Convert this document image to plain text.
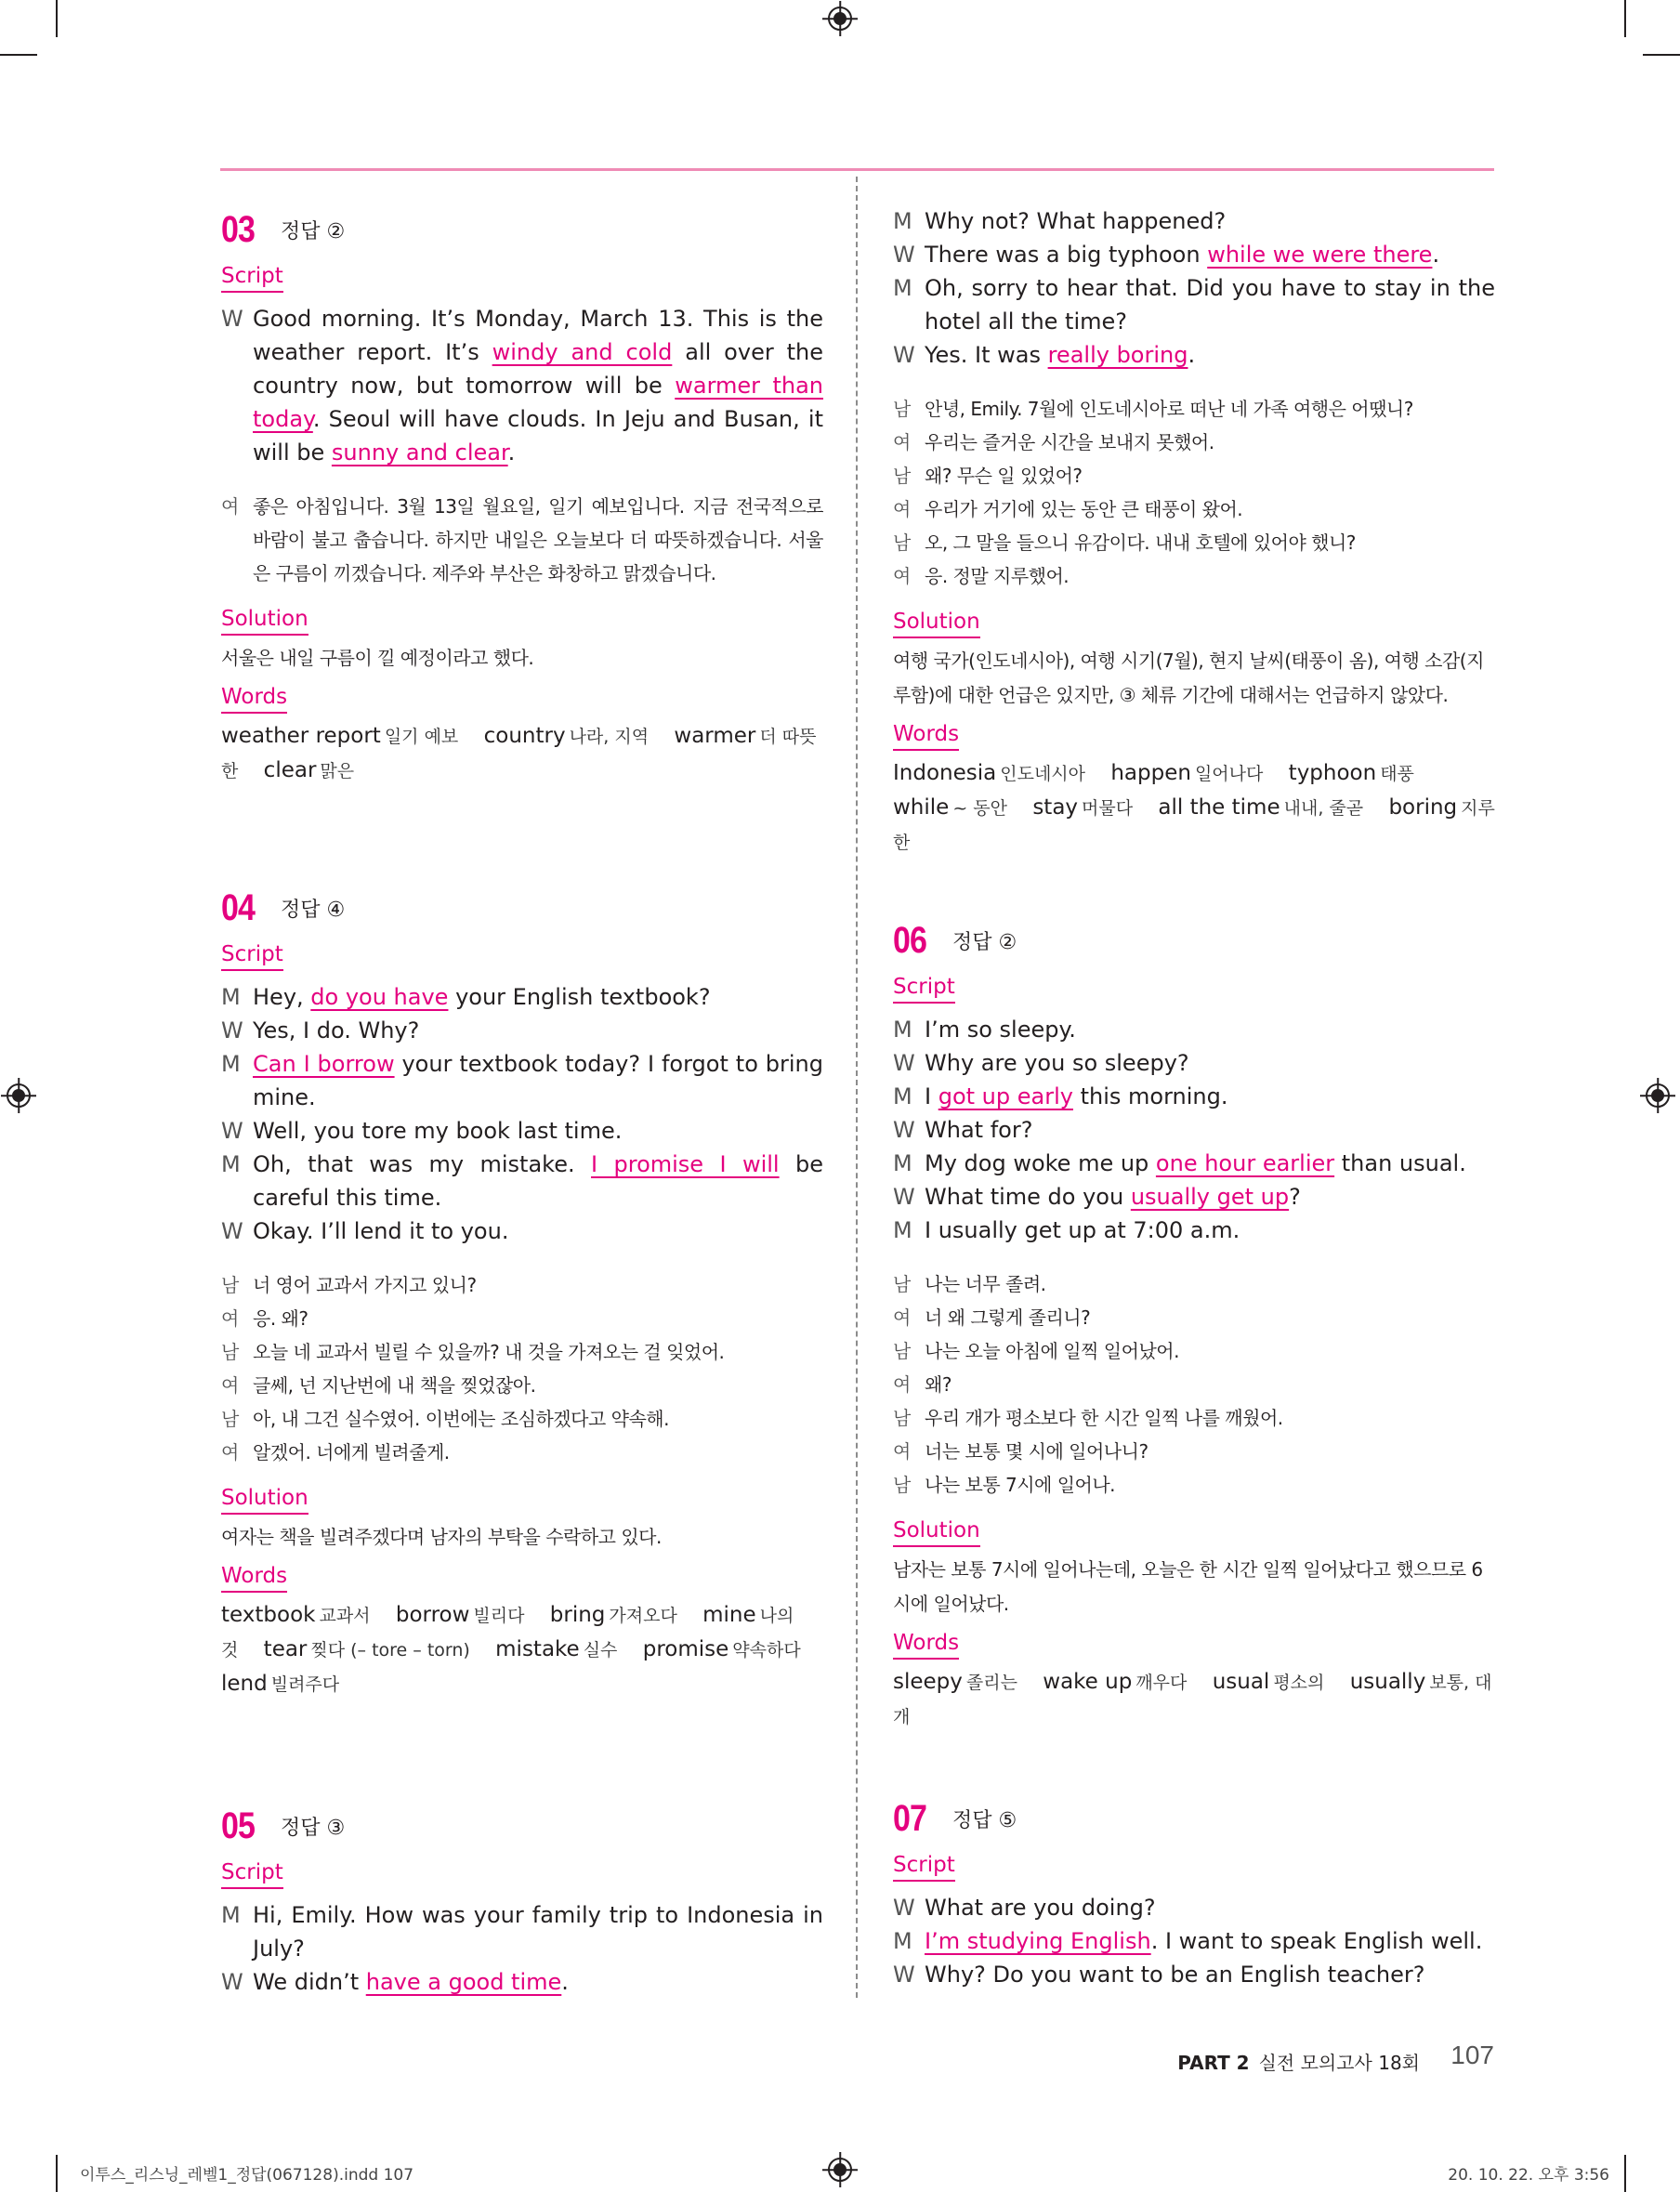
03	정답 ②
Script
W Good morning. It’s Monday, March 13. This is the weather report. It’s windy and cold all over the country now, but tomorrow will be warmer than today. Seoul will have clouds. In Jeju and Busan, it will be sunny and clear.
여 좋은 아침입니다. 3월 13일 월요일, 일기 예보입니다. 지금 전국적으로 바람이 불고 춥습니다. 하지만 내일은 오늘보다 더 따뜻하겠습니다. 서울은 구름이 끼겠습니다. 제주와 부산은 화창하고 맑겠습니다.
Solution
서울은 내일 구름이 낄 예정이라고 했다.
Words
weather report 일기 예보 country 나라, 지역 warmer 더 따뜻한 clear 맑은
04	정답 ④
Script
M Hey, do you have your English textbook?
W Yes, I do. Why?
M Can I borrow your textbook today? I forgot to bring mine.
W Well, you tore my book last time.
M Oh, that was my mistake. I promise I will be careful this time.
W Okay. I’ll lend it to you.
남 너 영어 교과서 가지고 있니?
여 응. 왜?
남 오늘 네 교과서 빌릴 수 있을까? 내 것을 가져오는 걸 잊었어.
여 글쎄, 넌 지난번에 내 책을 찢었잖아.
남 아, 내 그건 실수였어. 이번에는 조심하겠다고 약속해.
여 알겠어. 너에게 빌려줄게.
Solution
여자는 책을 빌려주겠다며 남자의 부탁을 수락하고 있다.
Words
textbook 교과서 borrow 빌리다 bring 가져오다 mine 나의 것 tear 찢다 (– tore – torn) mistake 실수 promise 약속하다 lend 빌려주다
05	정답 ③
Script
M Hi, Emily. How was your family trip to Indonesia in July?
W We didn’t have a good time.
M Why not? What happened?
W There was a big typhoon while we were there.
M Oh, sorry to hear that. Did you have to stay in the hotel all the time?
W Yes. It was really boring.
남 안녕, Emily. 7월에 인도네시아로 떠난 네 가족 여행은 어땠니?
여 우리는 즐거운 시간을 보내지 못했어.
남 왜? 무슨 일 있었어?
여 우리가 거기에 있는 동안 큰 태풍이 왔어.
남 오, 그 말을 들으니 유감이다. 내내 호텔에 있어야 했니?
여 응. 정말 지루했어.
Solution
여행 국가(인도네시아), 여행 시기(7월), 현지 날씨(태풍이 옴), 여행 소감(지루함)에 대한 언급은 있지만, ③ 체류 기간에 대해서는 언급하지 않았다.
Words
Indonesia 인도네시아 happen 일어나다 typhoon 태풍 while ~ 동안 stay 머물다 all the time 내내, 줄곧 boring 지루한
06	정답 ②
Script
M I’m so sleepy.
W Why are you so sleepy?
M I got up early this morning.
W What for?
M My dog woke me up one hour earlier than usual.
W What time do you usually get up?
M I usually get up at 7:00 a.m.
남 나는 너무 졸려.
여 너 왜 그렇게 졸리니?
남 나는 오늘 아침에 일찍 일어났어.
여 왜?
남 우리 개가 평소보다 한 시간 일찍 나를 깨웠어.
여 너는 보통 몇 시에 일어나니?
남 나는 보통 7시에 일어나.
Solution
남자는 보통 7시에 일어나는데, 오늘은 한 시간 일찍 일어났다고 했으므로 6시에 일어났다.
Words
sleepy 졸리는 wake up 깨우다 usual 평소의 usually 보통, 대개
07	정답 ⑤
Script
W What are you doing?
M I’m studying English. I want to speak English well.
W Why? Do you want to be an English teacher?
PART 2 실전 모의고사 18회 107
이투스_리스닝_레벨1_정답(067128).indd 107	20. 10. 22. 오후 3:56
